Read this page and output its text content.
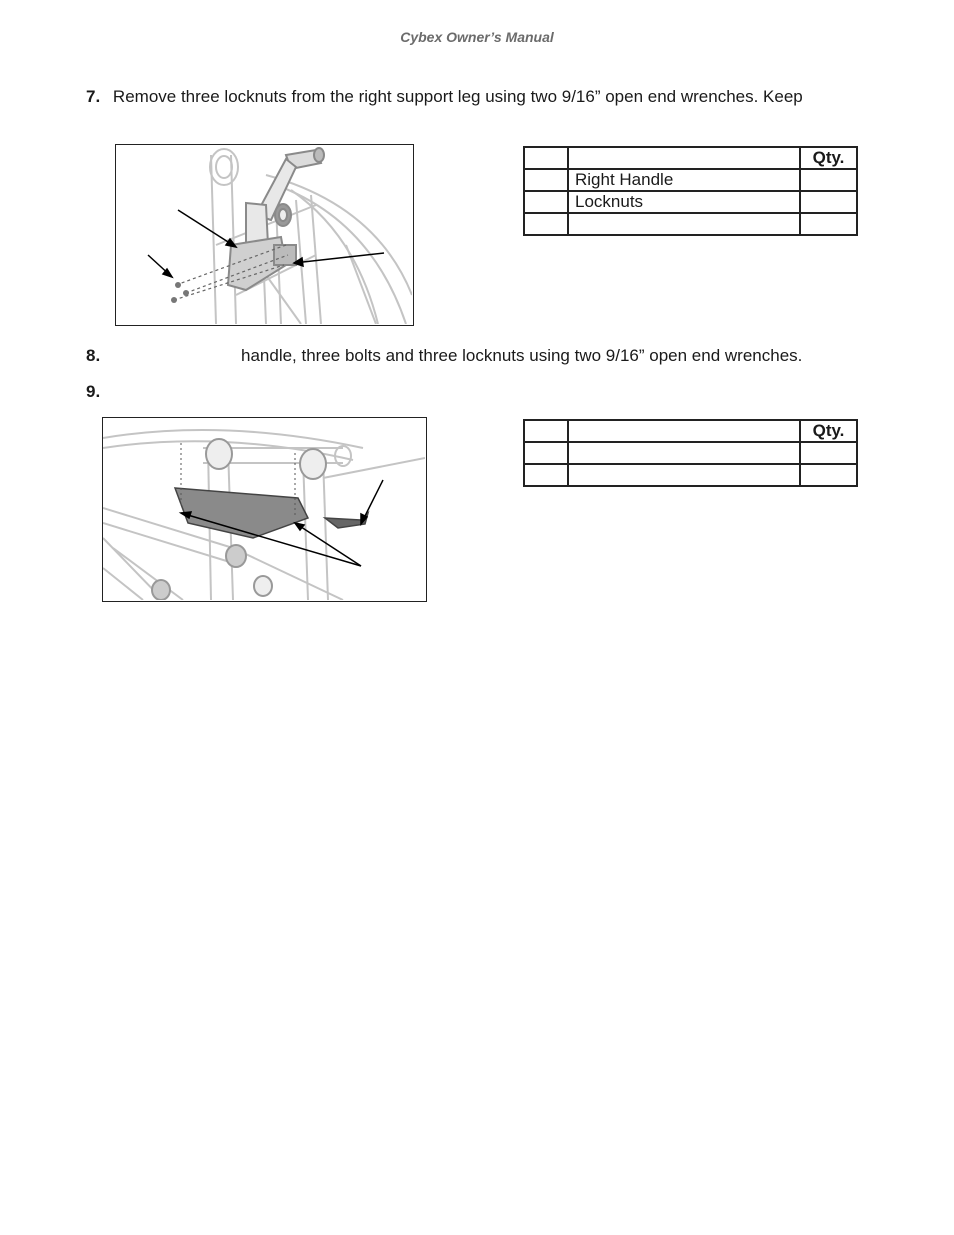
Cybex Owner’s Manual
7. Remove three locknuts from the right support leg using two 9/16” open end wrenches. Keep
		Qty.
	Right Handle	
	Locknuts	

8.	handle, three bolts and three locknuts using two 9/16” open end wrenches.
9.
		Qty.
